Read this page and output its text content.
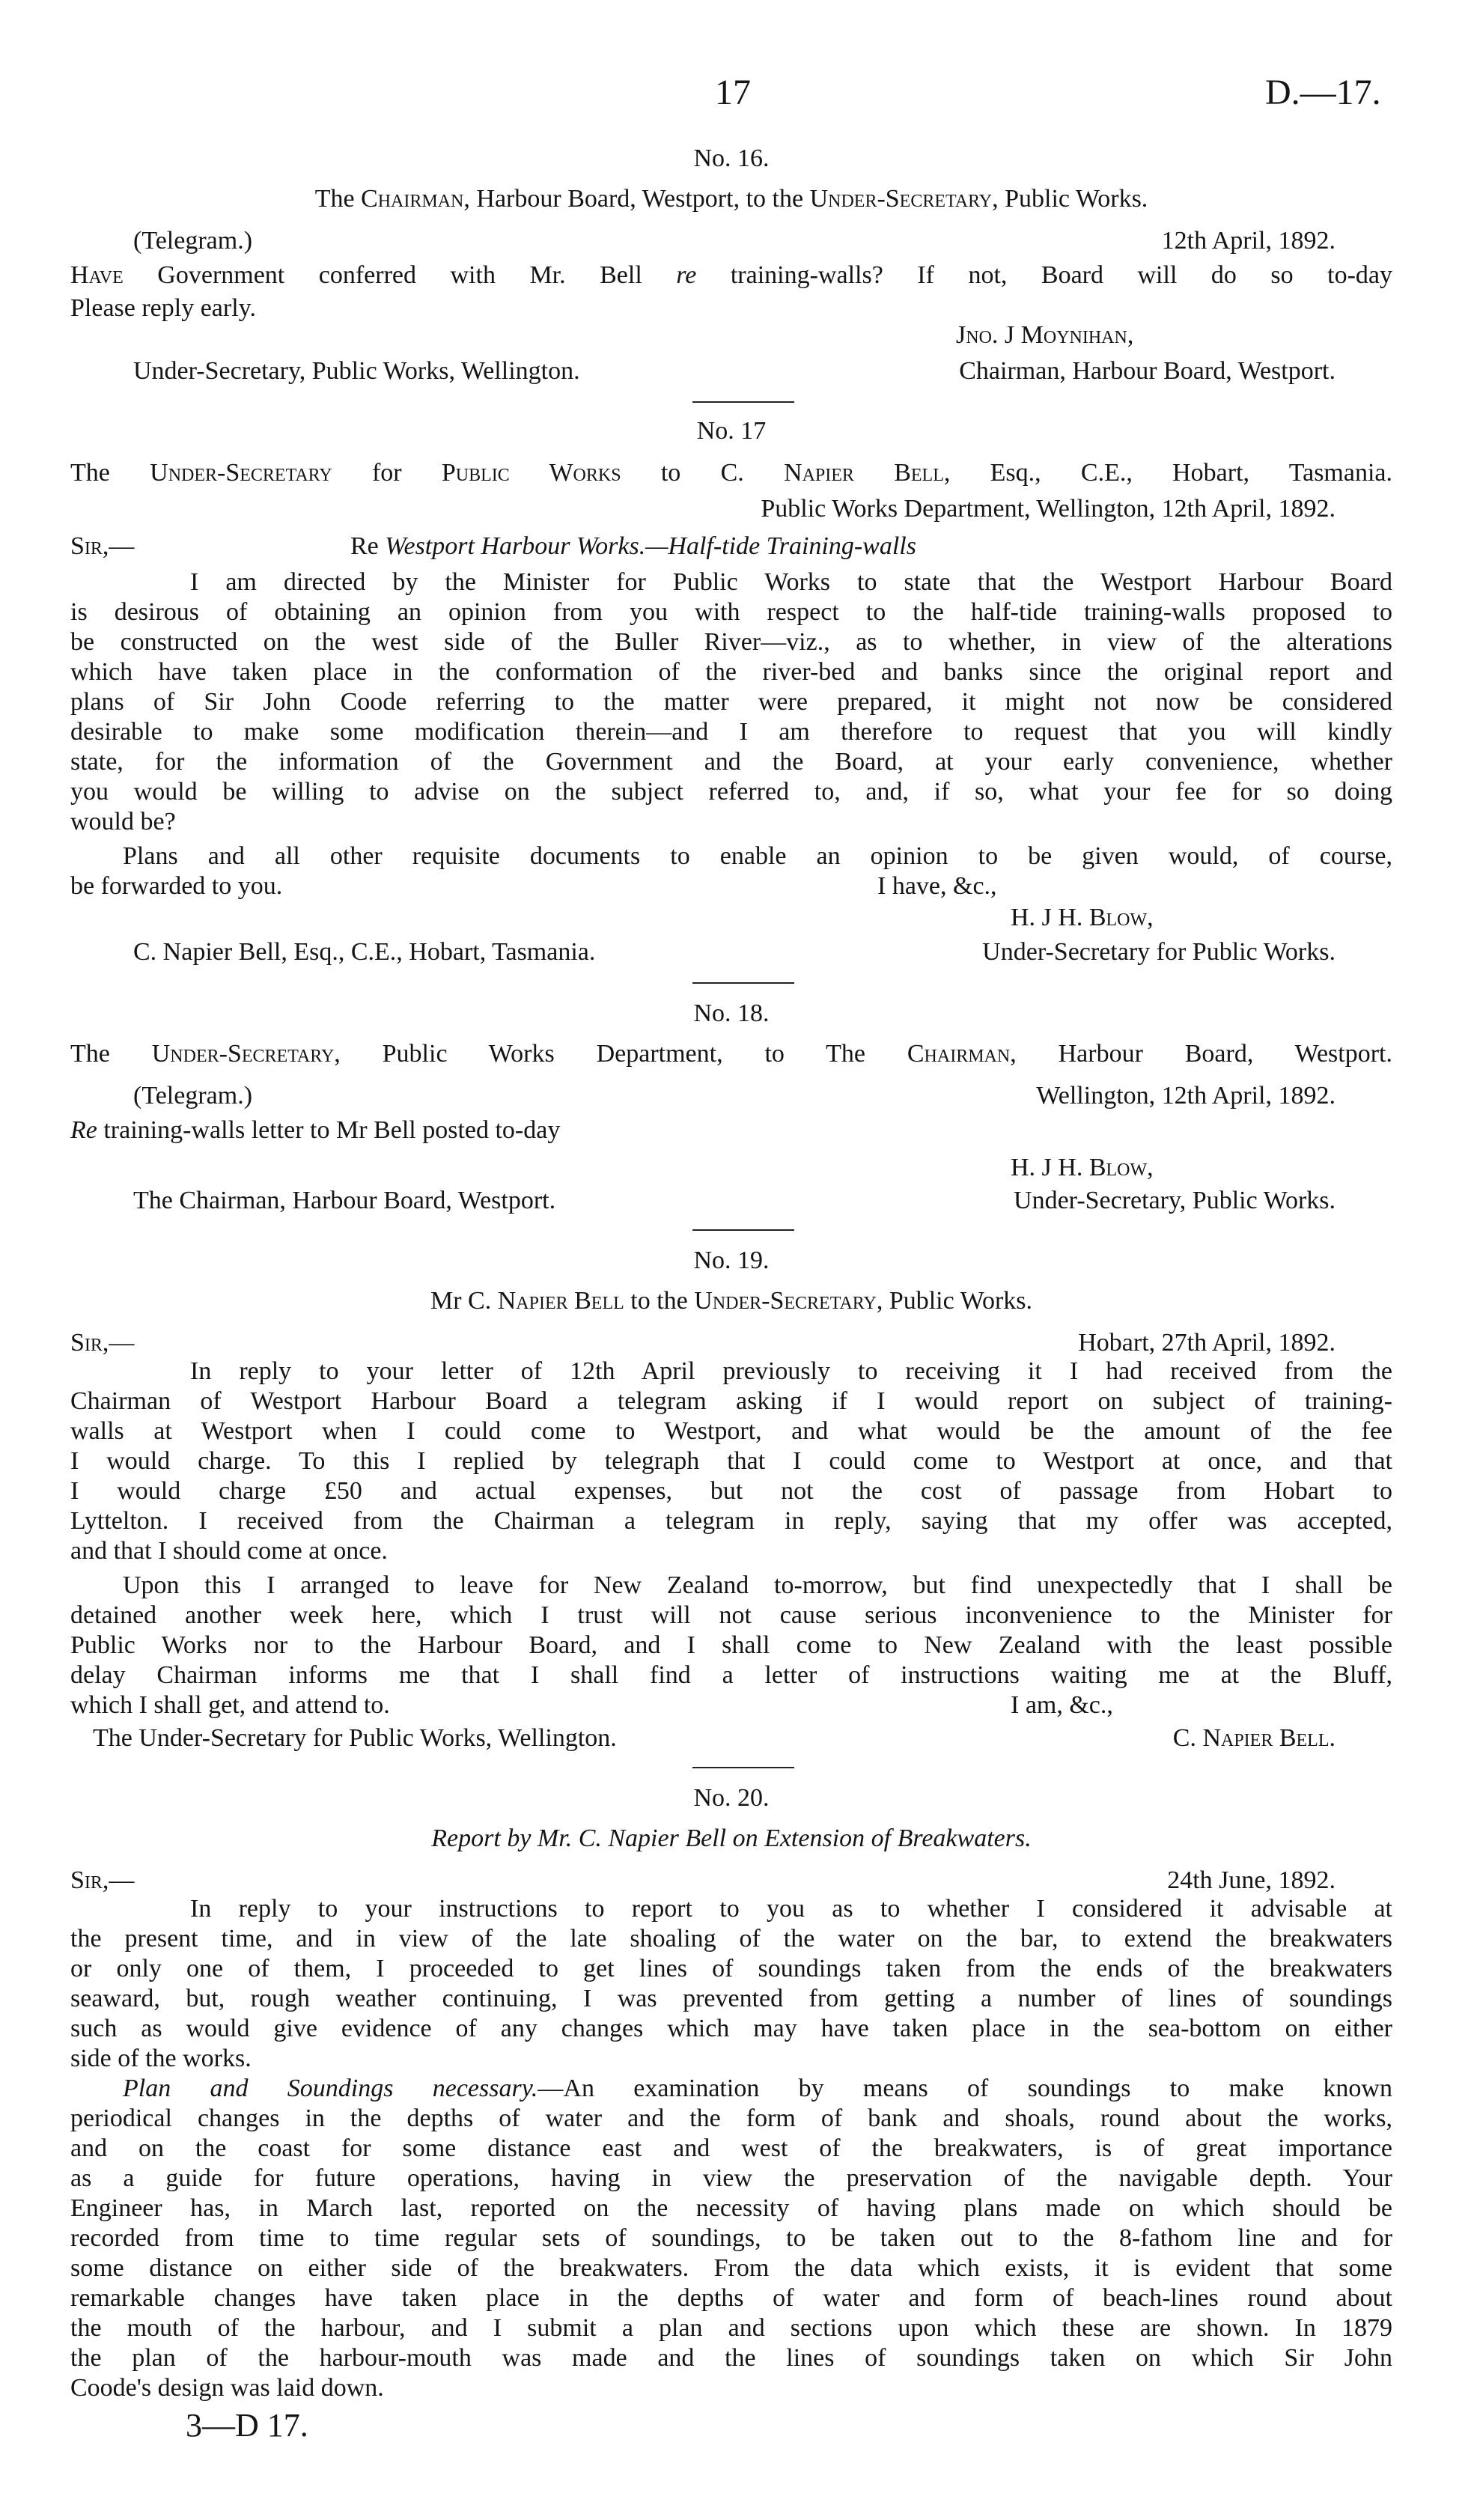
17	D.—17.
No. 16.
The Chairman, Harbour Board, Westport, to the Under-Secretary, Public Works.
(Telegram.)	12th April, 1892.
Have Government conferred with Mr. Bell re training-walls? If not, Board will do so to-day
Please reply early.
Jno. J Moynihan,
Under-Secretary, Public Works, Wellington.	Chairman, Harbour Board, Westport.
No. 17
The Under-Secretary for Public Works to C. Napier Bell, Esq., C.E., Hobart, Tasmania.
Public Works Department, Wellington, 12th April, 1892.
Sir,—	Re Westport Harbour Works.—Half-tide Training-walls
I am directed by the Minister for Public Works to state that the Westport Harbour Board
is desirous of obtaining an opinion from you with respect to the half-tide training-walls proposed to
be constructed on the west side of the Buller River—viz., as to whether, in view of the alterations
which have taken place in the conformation of the river-bed and banks since the original report and
plans of Sir John Coode referring to the matter were prepared, it might not now be considered
desirable to make some modification therein—and I am therefore to request that you will kindly
state, for the information of the Government and the Board, at your early convenience, whether
you would be willing to advise on the subject referred to, and, if so, what your fee for so doing
would be?
Plans and all other requisite documents to enable an opinion to be given would, of course,
be forwarded to you.	I have, &c.,
H. J H. Blow,
C. Napier Bell, Esq., C.E., Hobart, Tasmania.	Under-Secretary for Public Works.
No. 18.
The Under-Secretary, Public Works Department, to The Chairman, Harbour Board, Westport.
(Telegram.)	Wellington, 12th April, 1892.
Re training-walls letter to Mr Bell posted to-day
H. J H. Blow,
The Chairman, Harbour Board, Westport.	Under-Secretary, Public Works.
No. 19.
Mr C. Napier Bell to the Under-Secretary, Public Works.
Sir,—	Hobart, 27th April, 1892.
In reply to your letter of 12th April previously to receiving it I had received from the
Chairman of Westport Harbour Board a telegram asking if I would report on subject of training-
walls at Westport when I could come to Westport, and what would be the amount of the fee
I would charge. To this I replied by telegraph that I could come to Westport at once, and that
I would charge £50 and actual expenses, but not the cost of passage from Hobart to
Lyttelton. I received from the Chairman a telegram in reply, saying that my offer was accepted,
and that I should come at once.
Upon this I arranged to leave for New Zealand to-morrow, but find unexpectedly that I shall be
detained another week here, which I trust will not cause serious inconvenience to the Minister for
Public Works nor to the Harbour Board, and I shall come to New Zealand with the least possible
delay Chairman informs me that I shall find a letter of instructions waiting me at the Bluff,
which I shall get, and attend to.	I am, &c.,
The Under-Secretary for Public Works, Wellington.	C. Napier Bell.
No. 20.
Report by Mr. C. Napier Bell on Extension of Breakwaters.
Sir,—	24th June, 1892.
In reply to your instructions to report to you as to whether I considered it advisable at
the present time, and in view of the late shoaling of the water on the bar, to extend the breakwaters
or only one of them, I proceeded to get lines of soundings taken from the ends of the breakwaters
seaward, but, rough weather continuing, I was prevented from getting a number of lines of soundings
such as would give evidence of any changes which may have taken place in the sea-bottom on either
side of the works.
Plan and Soundings necessary.—An examination by means of soundings to make known
periodical changes in the depths of water and the form of bank and shoals, round about the works,
and on the coast for some distance east and west of the breakwaters, is of great importance
as a guide for future operations, having in view the preservation of the navigable depth. Your
Engineer has, in March last, reported on the necessity of having plans made on which should be
recorded from time to time regular sets of soundings, to be taken out to the 8-fathom line and for
some distance on either side of the breakwaters. From the data which exists, it is evident that some
remarkable changes have taken place in the depths of water and form of beach-lines round about
the mouth of the harbour, and I submit a plan and sections upon which these are shown. In 1879
the plan of the harbour-mouth was made and the lines of soundings taken on which Sir John
Coode's design was laid down.
3—D 17.
